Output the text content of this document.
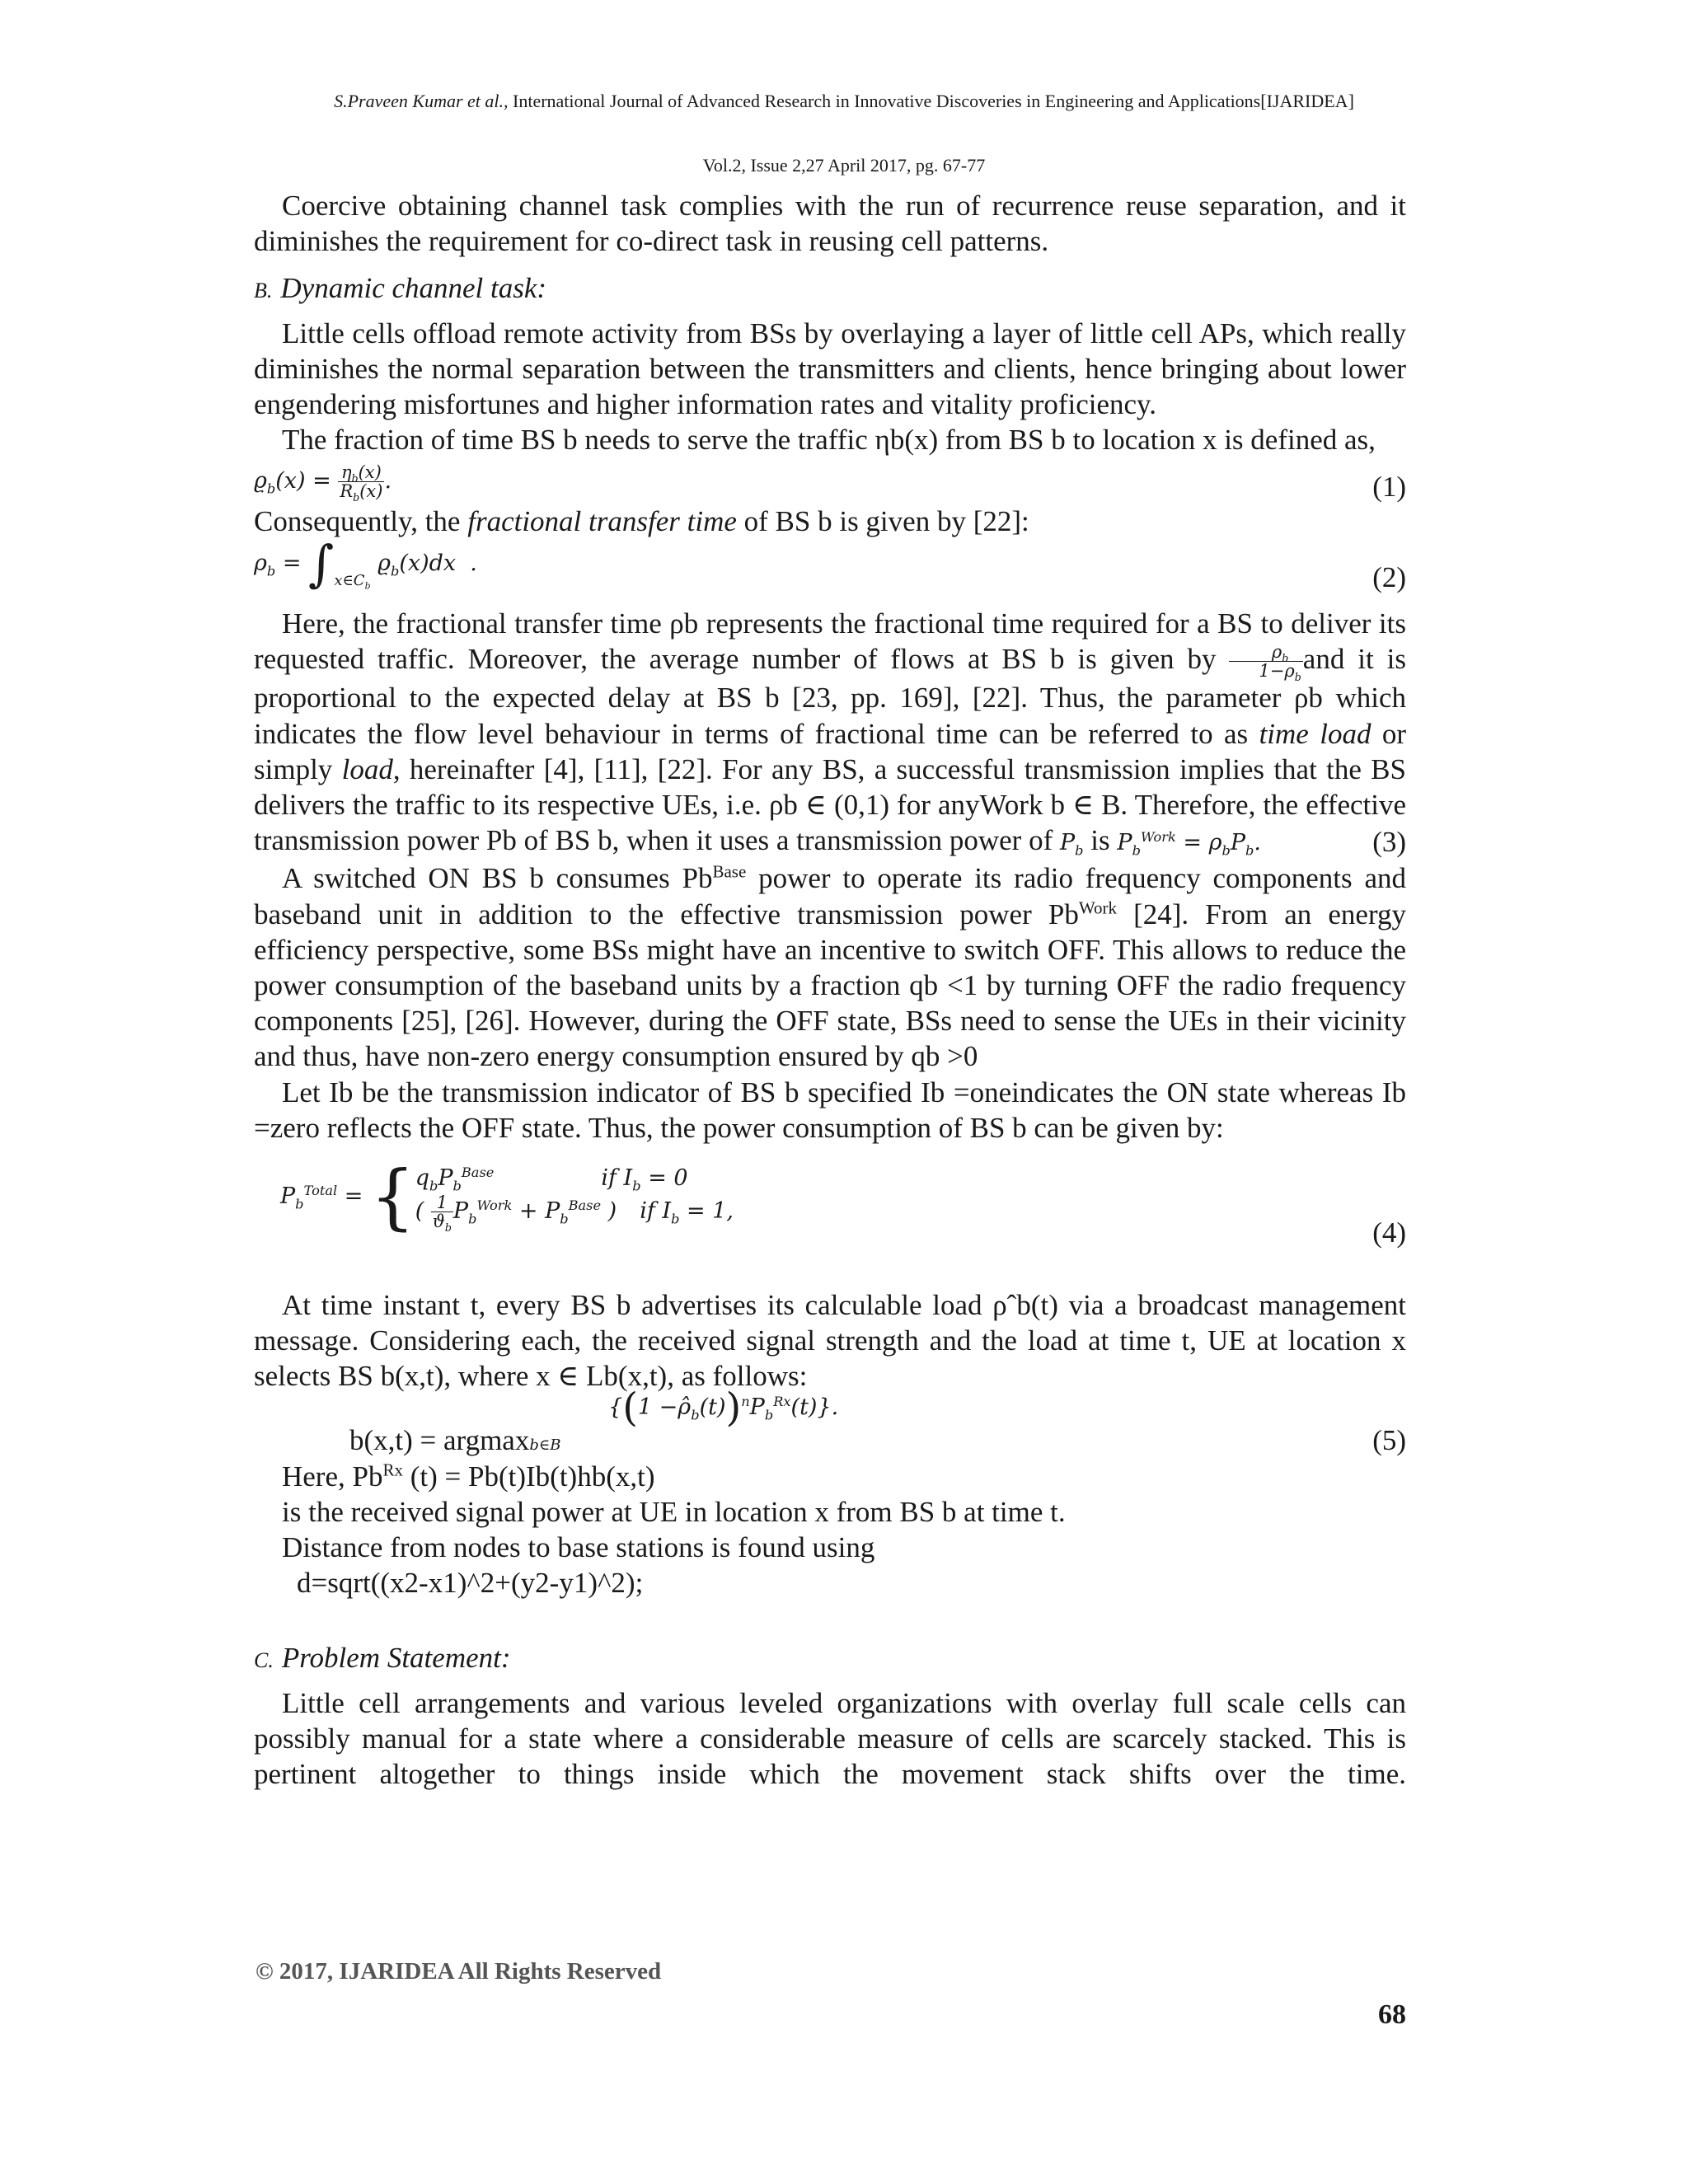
S.Praveen Kumar et al., International Journal of Advanced Research in Innovative Discoveries in Engineering and Applications[IJARIDEA]
Vol.2, Issue 2,27 April 2017, pg. 67-77

Coercive obtaining channel task complies with the run of recurrence reuse separation, and it diminishes the requirement for co-direct task in reusing cell patterns.

B. Dynamic channel task:

Little cells offload remote activity from BSs by overlaying a layer of little cell APs, which really diminishes the normal separation between the transmitters and clients, hence bringing about lower engendering misfortunes and higher information rates and vitality proficiency.

The fraction of time BS b needs to serve the traffic ηb(x) from BS b to location x is defined as,

$ϱ_b(x) = \frac{\eta_b(x)}{R_b(x)}$ .	(1)

Consequently, the fractional transfer time of BS b is given by [22]:

$\rho_b = \int_{x\in C_b}$ $ϱ_b(x)dx$  .	(2)

Here, the fractional transfer time ρb represents the fractional time required for a BS to deliver its requested traffic. Moreover, the average number of flows at BS b is given by $\frac{\rho_b}{1-\rho_b}$ and it is proportional to the expected delay at BS b [23, pp. 169], [22]. Thus, the parameter ρb which indicates the flow level behaviour in terms of fractional time can be referred to as time load or simply load, hereinafter [4], [11], [22]. For any BS, a successful transmission implies that the BS delivers the traffic to its respective UEs, i.e. ρb ∈ (0,1) for anyWork b ∈ B. Therefore, the effective transmission power Pb of BS b, when it uses a transmission power of $P_b$ is $P_b^{Work} = \rho_bP_b$.	(3)

A switched ON BS b consumes $Pb^{Base}$ power to operate its radio frequency components and baseband unit in addition to the effective transmission power $Pb^{Work}$ [24]. From an energy efficiency perspective, some BSs might have an incentive to switch OFF. This allows to reduce the power consumption of the baseband units by a fraction qb <1 by turning OFF the radio frequency components [25], [26]. However, during the OFF state, BSs need to sense the UEs in their vicinity and thus, have non-zero energy consumption ensured by qb >0

Let Ib be the transmission indicator of BS b specified Ib =oneindicates the ON state whereas Ib =zero reflects the OFF state. Thus, the power consumption of BS b can be given by:

$P_b^{Total}$ = { $q_bP_b^{Base}$	if $I_b = 0$
( $\frac{1}{ϑ_b} P_b^{Work} + P_b^{Base}$ ) if $I_b = 1$,
(4)

At time instant t, every BS b advertises its calculable load ρˆb(t) via a broadcast management message. Considering each, the received signal strength and the load at time t, UE at location x selects BS b(x,t), where x ∈ Lb(x,t), as follows:

b(x,t) = argmaxb∈B
$\{(1 -\rhô_b(t))^nP_b^{Rx}(t)\}$.
(5)

Here, $Pb^{Rx}$ (t) = Pb(t)Ib(t)hb(x,t)

is the received signal power at UE in location x from BS b at time t.

Distance from nodes to base stations is found using

d=sqrt((x2-x1)^2+(y2-y1)^2);

C. Problem Statement:

Little cell arrangements and various leveled organizations with overlay full scale cells can possibly manual for a state where a considerable measure of cells are scarcely stacked. This is pertinent altogether to things inside which the movement stack shifts over the time.

© 2017, IJARIDEA All Rights Reserved
68
